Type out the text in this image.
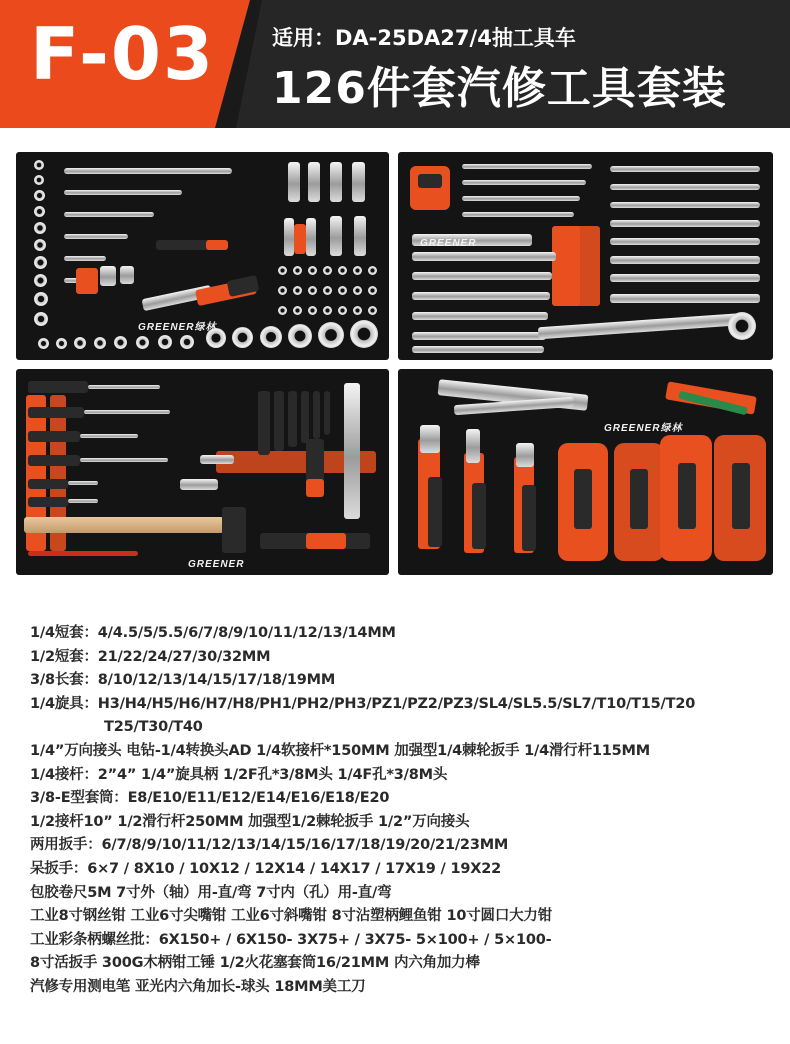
F-03	适用：DA-25DA27/4抽工具车
126件套汽修工具套装
GREENER绿林
GREENER
GREENER
GREENER绿林
1/4短套：4/4.5/5/5.5/6/7/8/9/10/11/12/13/14MM
1/2短套：21/22/24/27/30/32MM
3/8长套：8/10/12/13/14/15/17/18/19MM
1/4旋具：H3/H4/H5/H6/H7/H8/PH1/PH2/PH3/PZ1/PZ2/PZ3/SL4/SL5.5/SL7/T10/T15/T20
T25/T30/T40
1/4”万向接头 电钻-1/4转换头AD 1/4软接杆*150MM 加强型1/4棘轮扳手 1/4滑行杆115MM
1/4接杆：2”4” 1/4”旋具柄 1/2F孔*3/8M头 1/4F孔*3/8M头
3/8-E型套筒：E8/E10/E11/E12/E14/E16/E18/E20
1/2接杆10” 1/2滑行杆250MM 加强型1/2棘轮扳手 1/2”万向接头
两用扳手：6/7/8/9/10/11/12/13/14/15/16/17/18/19/20/21/23MM
呆扳手：6×7 / 8X10 / 10X12 / 12X14 / 14X17 / 17X19 / 19X22
包胶卷尺5M 7寸外（轴）用-直/弯 7寸内（孔）用-直/弯
工业8寸钢丝钳 工业6寸尖嘴钳 工业6寸斜嘴钳 8寸沾塑柄鲤鱼钳 10寸圆口大力钳
工业彩条柄螺丝批：6X150+ / 6X150- 3X75+ / 3X75- 5×100+ / 5×100-
8寸活扳手 300G木柄钳工锤 1/2火花塞套筒16/21MM 内六角加力棒
汽修专用测电笔 亚光内六角加长-球头 18MM美工刀
